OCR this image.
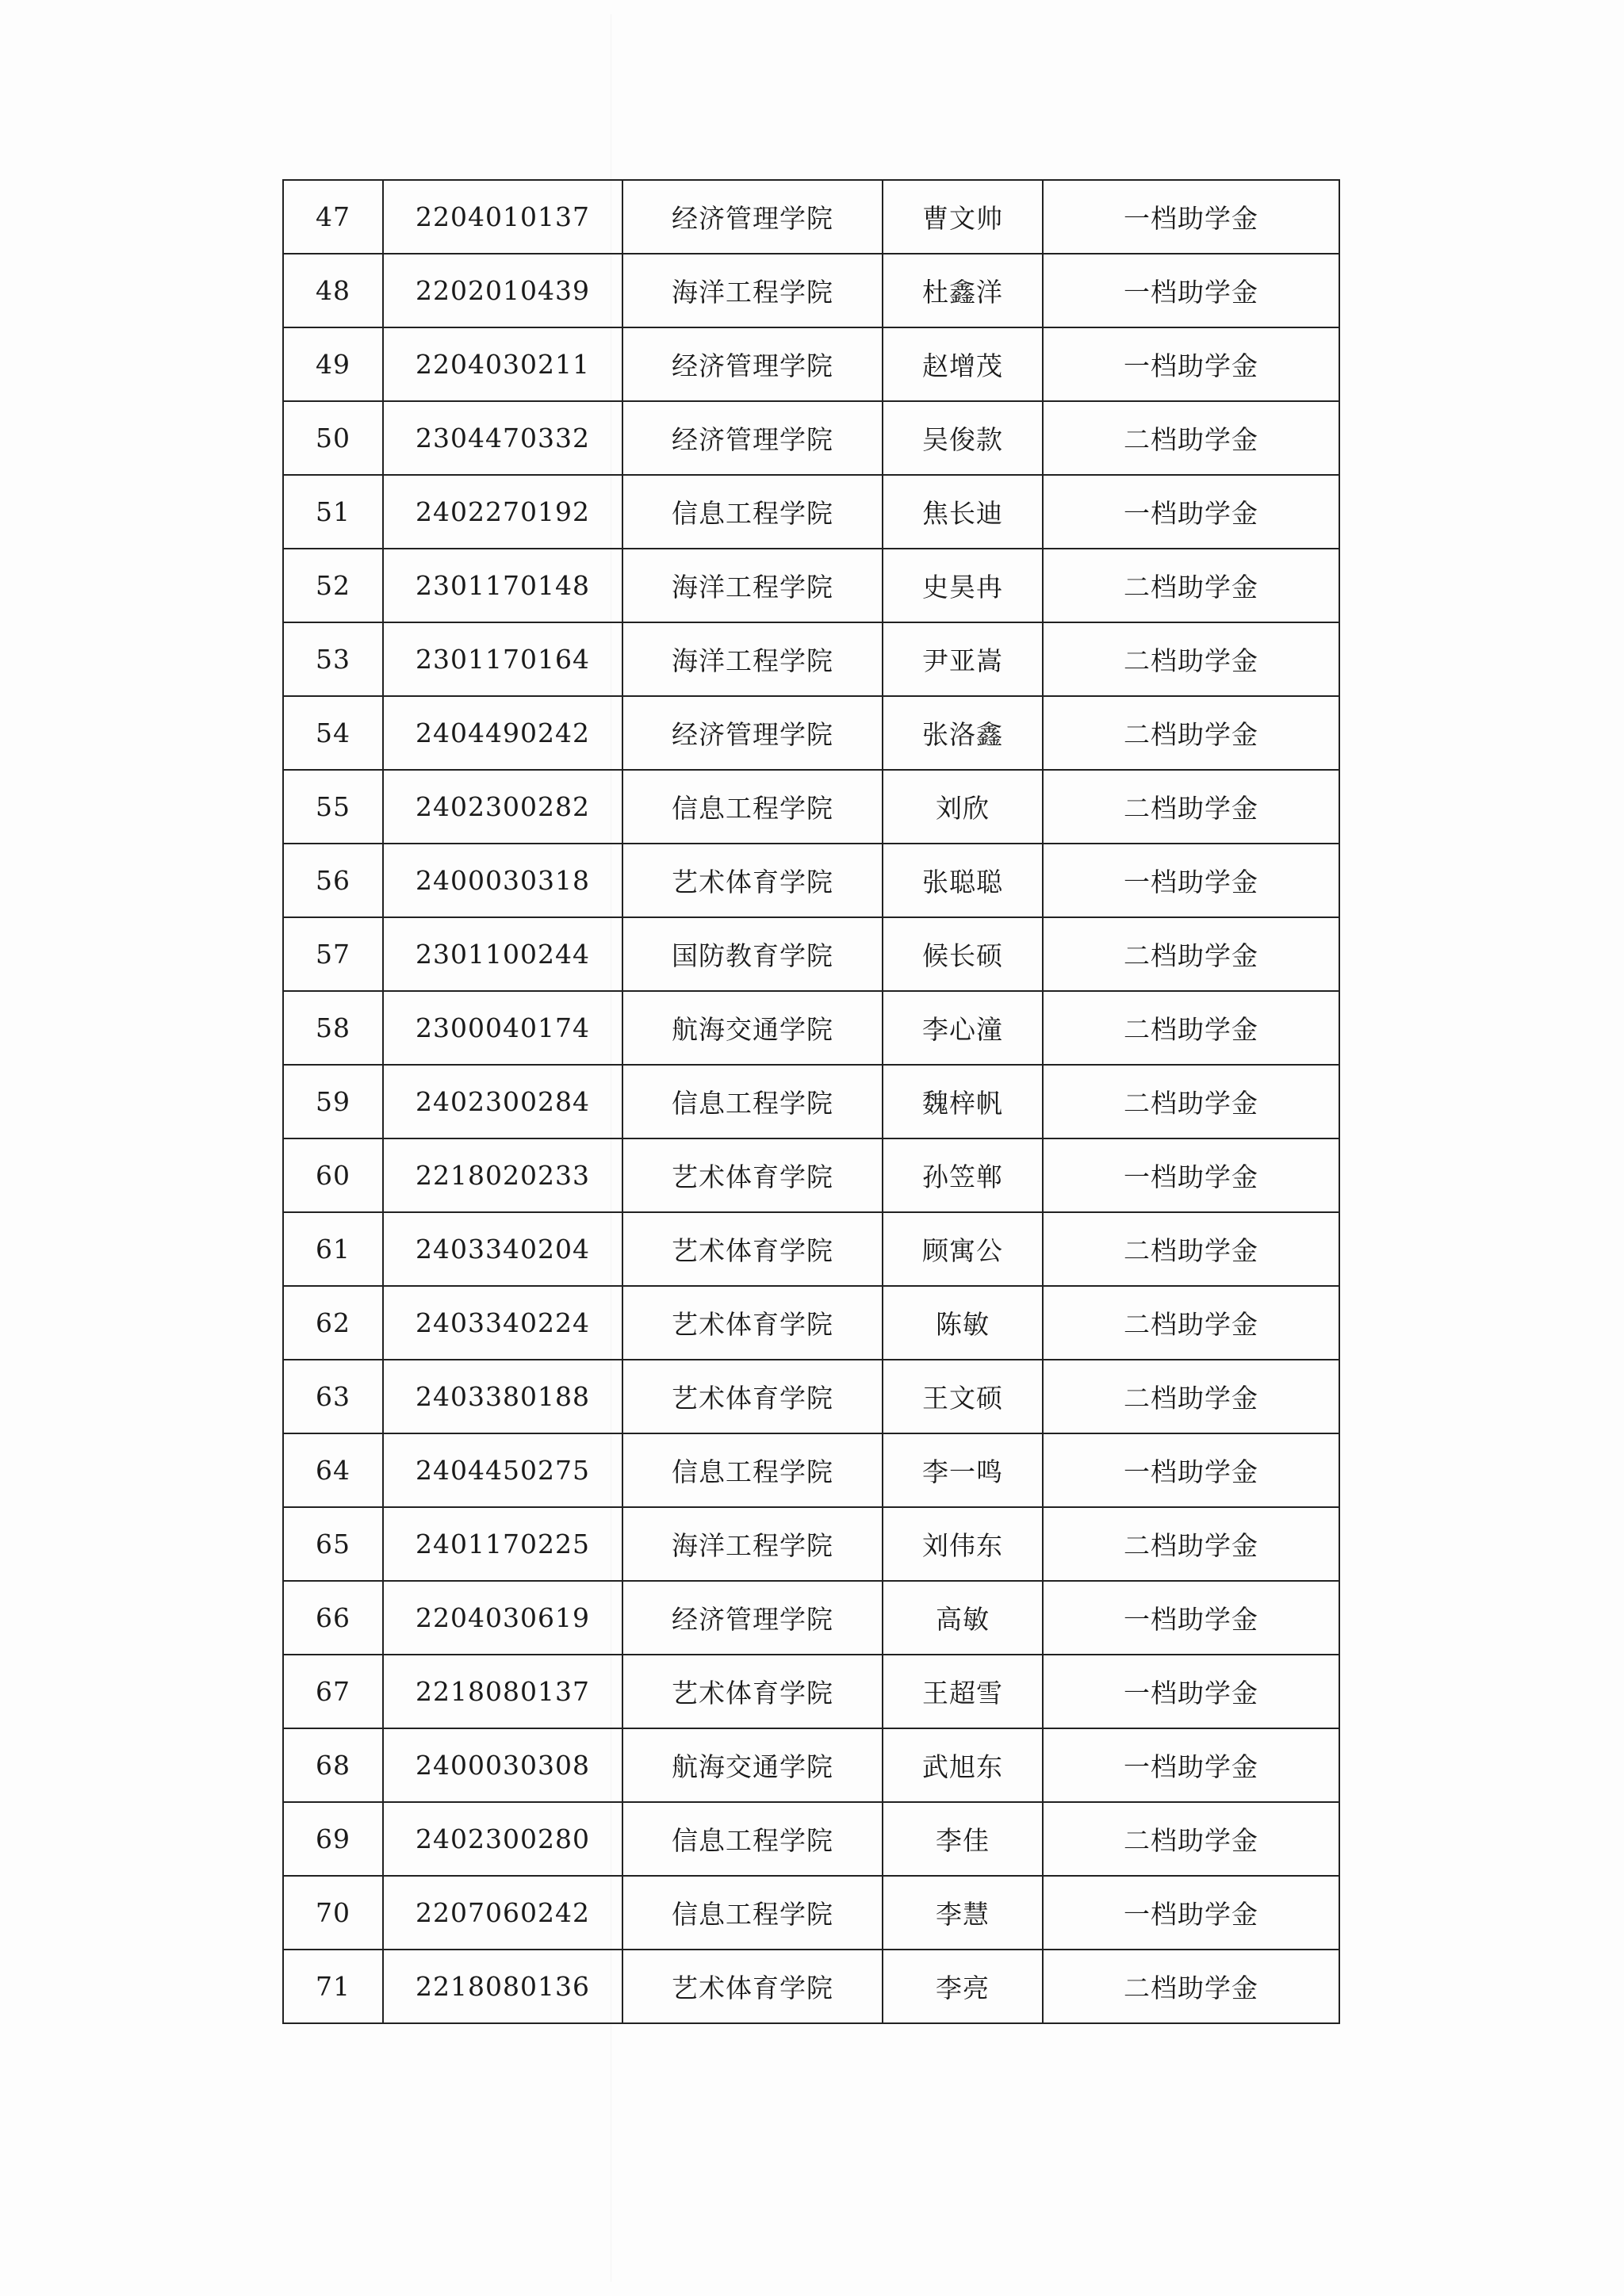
47	2204010137	经济管理学院	曹文帅	一档助学金
48	2202010439	海洋工程学院	杜鑫洋	一档助学金
49	2204030211	经济管理学院	赵增茂	一档助学金
50	2304470332	经济管理学院	吴俊款	二档助学金
51	2402270192	信息工程学院	焦长迪	一档助学金
52	2301170148	海洋工程学院	史昊冉	二档助学金
53	2301170164	海洋工程学院	尹亚嵩	二档助学金
54	2404490242	经济管理学院	张洛鑫	二档助学金
55	2402300282	信息工程学院	刘欣	二档助学金
56	2400030318	艺术体育学院	张聪聪	一档助学金
57	2301100244	国防教育学院	候长硕	二档助学金
58	2300040174	航海交通学院	李心潼	二档助学金
59	2402300284	信息工程学院	魏梓帆	二档助学金
60	2218020233	艺术体育学院	孙笠郸	一档助学金
61	2403340204	艺术体育学院	顾寓公	二档助学金
62	2403340224	艺术体育学院	陈敏	二档助学金
63	2403380188	艺术体育学院	王文硕	二档助学金
64	2404450275	信息工程学院	李一鸣	一档助学金
65	2401170225	海洋工程学院	刘伟东	二档助学金
66	2204030619	经济管理学院	高敏	一档助学金
67	2218080137	艺术体育学院	王超雪	一档助学金
68	2400030308	航海交通学院	武旭东	一档助学金
69	2402300280	信息工程学院	李佳	二档助学金
70	2207060242	信息工程学院	李慧	一档助学金
71	2218080136	艺术体育学院	李亮	二档助学金
